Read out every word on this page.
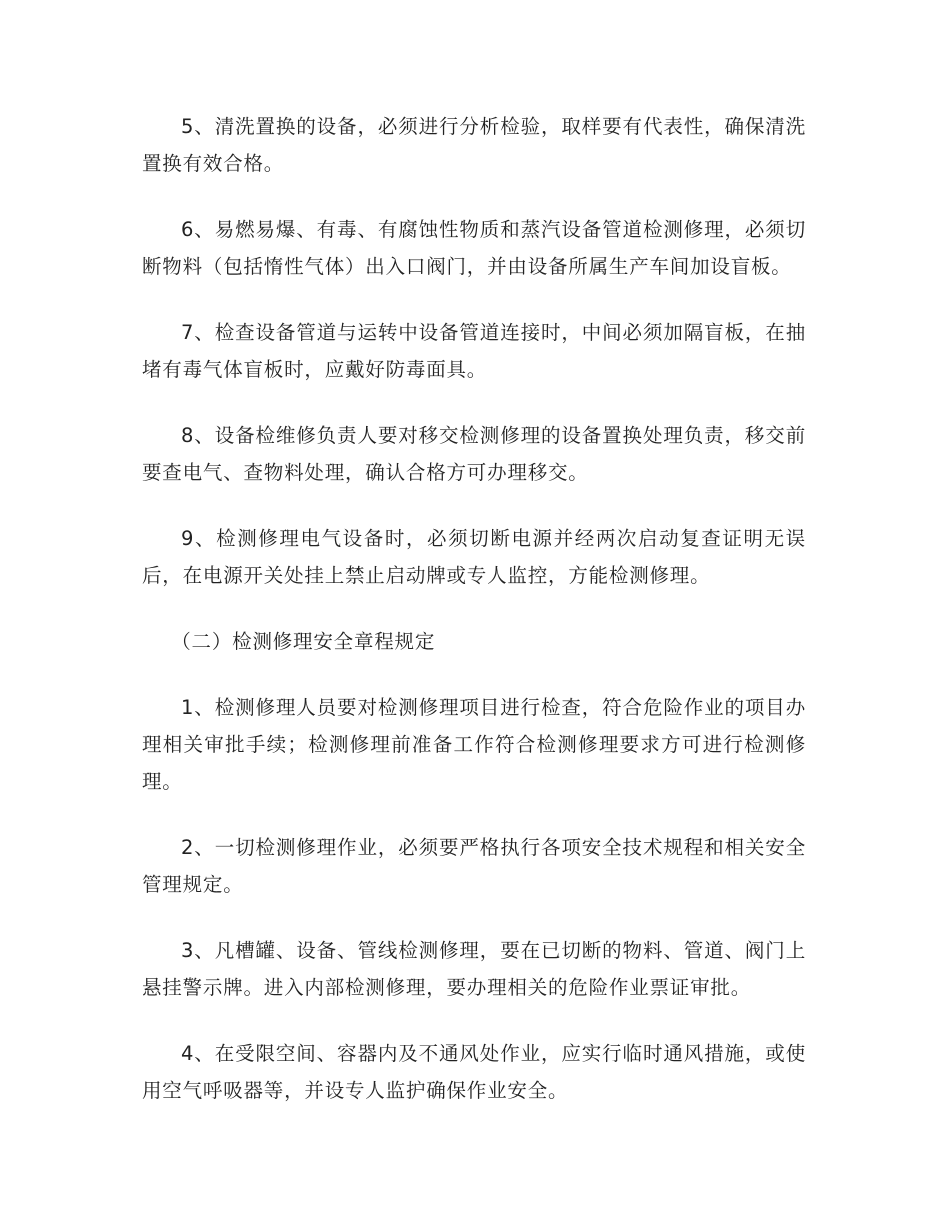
5、清洗置换的设备，必须进行分析检验，取样要有代表性，确保清洗置换有效合格。

6、易燃易爆、有毒、有腐蚀性物质和蒸汽设备管道检测修理，必须切断物料（包括惰性气体）出入口阀门，并由设备所属生产车间加设盲板。

7、检查设备管道与运转中设备管道连接时，中间必须加隔盲板，在抽堵有毒气体盲板时，应戴好防毒面具。

8、设备检维修负责人要对移交检测修理的设备置换处理负责，移交前要查电气、查物料处理，确认合格方可办理移交。

9、检测修理电气设备时，必须切断电源并经两次启动复查证明无误后，在电源开关处挂上禁止启动牌或专人监控，方能检测修理。

（二）检测修理安全章程规定

1、检测修理人员要对检测修理项目进行检查，符合危险作业的项目办理相关审批手续；检测修理前准备工作符合检测修理要求方可进行检测修理。

2、一切检测修理作业，必须要严格执行各项安全技术规程和相关安全管理规定。

3、凡槽罐、设备、管线检测修理，要在已切断的物料、管道、阀门上悬挂警示牌。进入内部检测修理，要办理相关的危险作业票证审批。

4、在受限空间、容器内及不通风处作业，应实行临时通风措施，或使用空气呼吸器等，并设专人监护确保作业安全。
